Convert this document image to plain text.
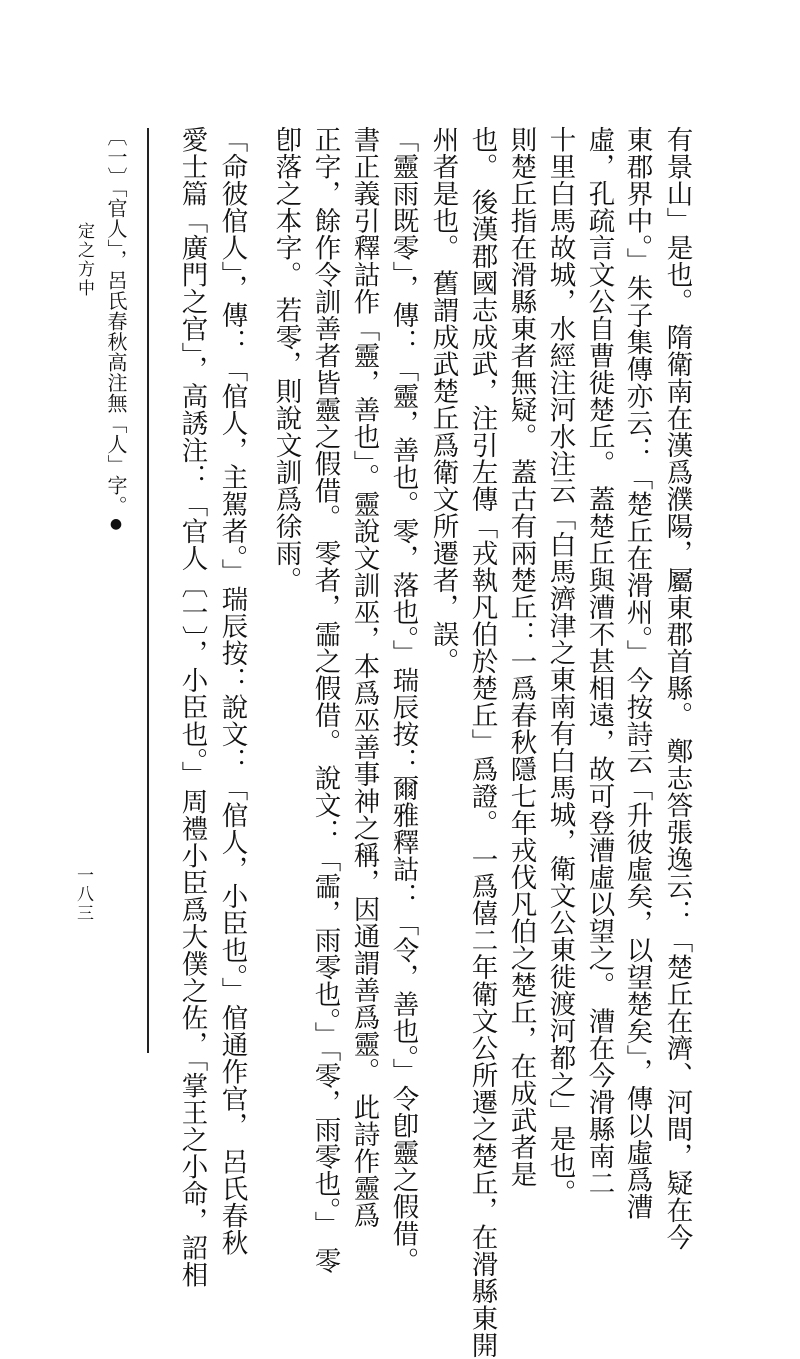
有景山」是也。 隋衛南在漢爲濮陽，屬東郡首縣。 鄭志答張逸云：「楚丘在濟、河間，疑在今
東郡界中。」朱子集傳亦云：「楚丘在滑州。」今按詩云「升彼虛矣，以望楚矣」，傳以虛爲漕
虛，孔疏言文公自曹徙楚丘。 蓋楚丘與漕不甚相遠，故可登漕虛以望之。 漕在今滑縣南二
十里白馬故城，水經注河水注云「白馬濟津之東南有白馬城，衛文公東徙渡河都之」是也。
則楚丘指在滑縣東者無疑。 蓋古有兩楚丘：一爲春秋隱七年戎伐凡伯之楚丘，在成武者是
也。 後漢郡國志成武，注引左傳「戎執凡伯於楚丘」爲證。 一爲僖二年衛文公所遷之楚丘，在滑縣東開
州者是也。 舊謂成武楚丘爲衛文所遷者，誤。
「靈雨既零」，傳：「靈，善也。零，落也。」瑞辰按：爾雅釋詁：「令，善也。」令卽靈之假借。
書正義引釋詁作「靈，善也」。靈說文訓巫，本爲巫善事神之稱，因通謂善爲靈。 此詩作靈爲
正字，餘作令訓善者皆靈之假借。 零者，霝之假借。 說文：「霝，雨零也。」「零，雨零也。」 零
卽落之本字。 若零，則說文訓爲徐雨。
「命彼倌人」，傳：「倌人，主駕者。」瑞辰按：說文：「倌人，小臣也。」倌通作官， 呂氏春秋
愛士篇「廣門之官」，高誘注：「官人〔一〕，小臣也。」周禮小臣爲大僕之佐，「掌王之小命，詔相
〔一〕「官人」，呂氏春秋高注無「人」字。●
定之方中
一八三
